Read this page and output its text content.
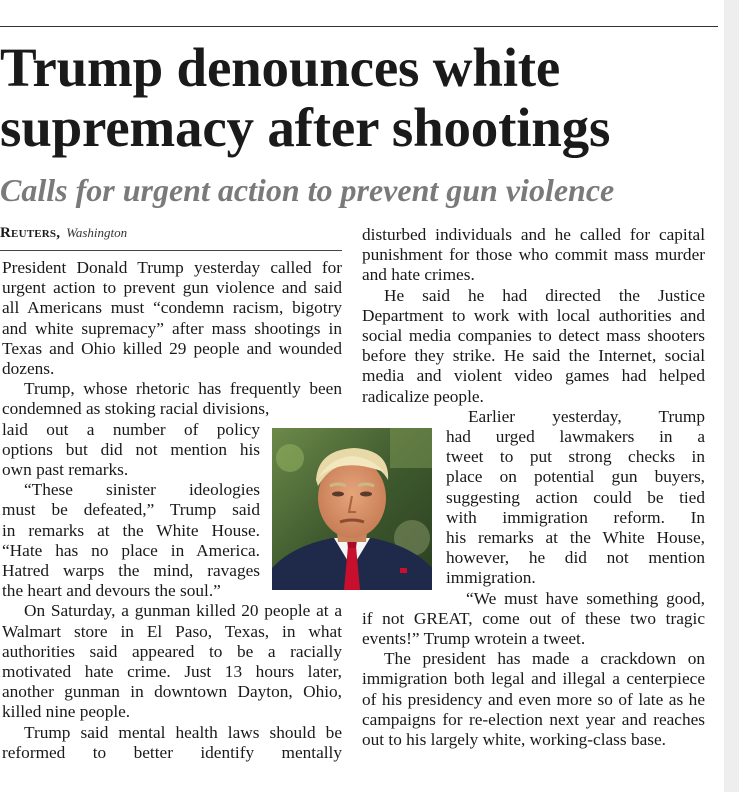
Trump denounces white
supremacy after shootings
Calls for urgent action to prevent gun violence
Reuters, Washington

President Donald Trump yesterday called for urgent action to prevent gun violence and said all Americans must “condemn racism, bigotry and white supremacy” after mass shootings in Texas and Ohio killed 29 people and wounded dozens.

Trump, whose rhetoric has frequently been condemned as stoking racial divisions,

laid out a number of policy

options but did not mention his

own past remarks.

“These sinister ideologies

must be defeated,” Trump said

in remarks at the White House.

“Hate has no place in America.

Hatred warps the mind, ravages

the heart and devours the soul.”

On Saturday, a gunman killed 20 people at a Walmart store in El Paso, Texas, in what authorities said appeared to be a racially motivated hate crime. Just 13 hours later, another gunman in downtown Dayton, Ohio, killed nine people.

Trump said mental health laws should be reformed to better identify mentally

disturbed individuals and he called for capital punishment for those who commit mass murder and hate crimes.

He said he had directed the Justice Department to work with local authorities and social media companies to detect mass shooters before they strike. He said the Internet, social media and violent video games had helped radicalize people.

Earlier yesterday, Trump

had urged lawmakers in a

tweet to put strong checks in

place on potential gun buyers,

suggesting action could be tied

with immigration reform. In

his remarks at the White House,

however, he did not mention

immigration.

“We must have something good, if not GREAT, come out of these two tragic events!” Trump wrotein a tweet.

The president has made a crackdown on immigration both legal and illegal a centerpiece of his presidency and even more so of late as he campaigns for re-election next year and reaches out to his largely white, working-class base.
